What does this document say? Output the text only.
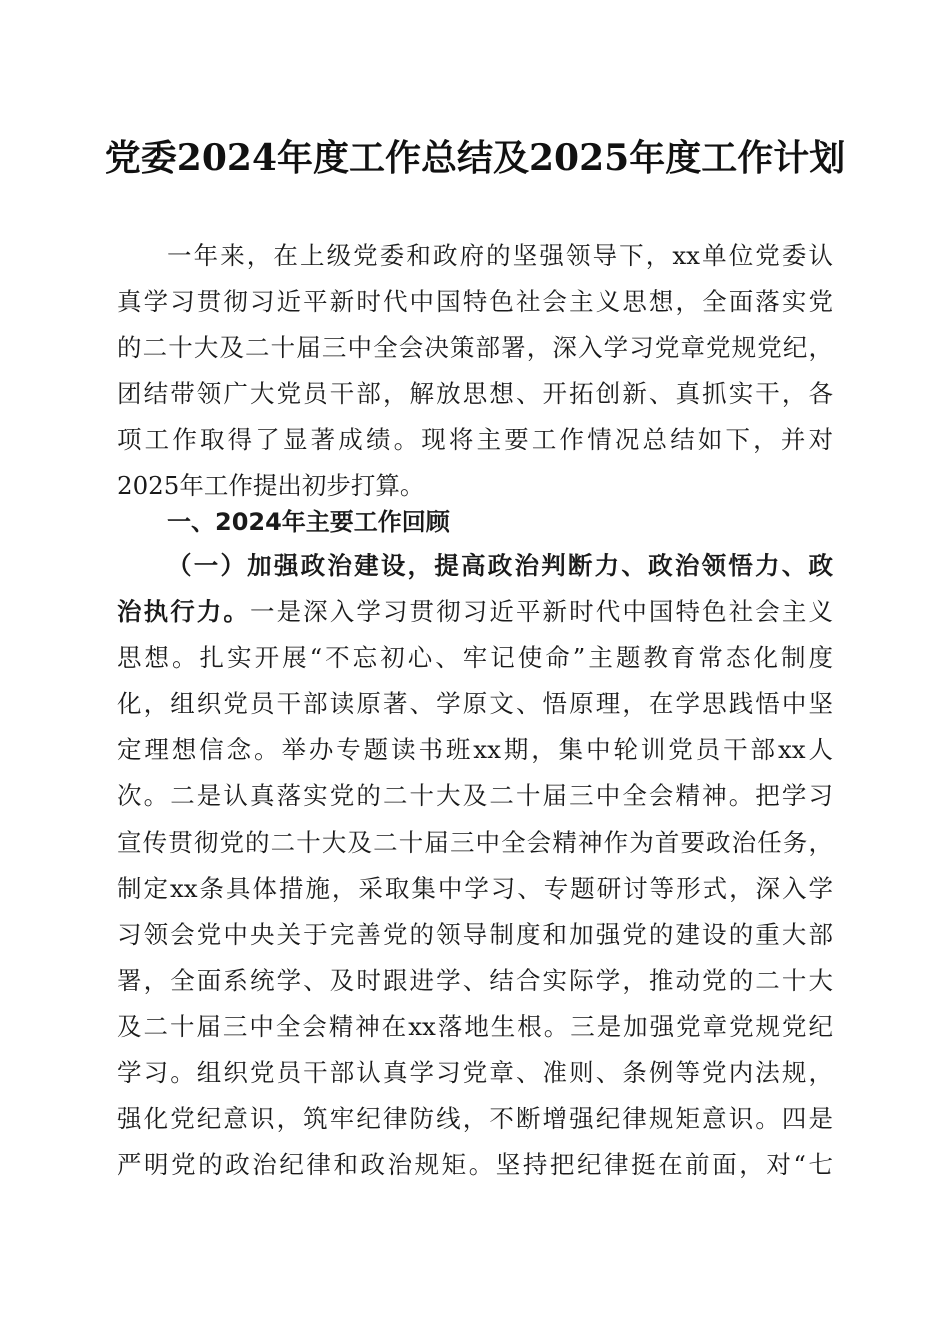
党委2024年度工作总结及2025年度工作计划

一年来，在上级党委和政府的坚强领导下，xx单位党委认
真学习贯彻习近平新时代中国特色社会主义思想，全面落实党
的二十大及二十届三中全会决策部署，深入学习党章党规党纪，
团结带领广大党员干部，解放思想、开拓创新、真抓实干，各
项工作取得了显著成绩。现将主要工作情况总结如下，并对
2025年工作提出初步打算。

一、2024年主要工作回顾

（一）加强政治建设，提高政治判断力、政治领悟力、政
治执行力。一是深入学习贯彻习近平新时代中国特色社会主义
思想。扎实开展“不忘初心、牢记使命”主题教育常态化制度
化，组织党员干部读原著、学原文、悟原理，在学思践悟中坚
定理想信念。举办专题读书班xx期，集中轮训党员干部xx人
次。二是认真落实党的二十大及二十届三中全会精神。把学习
宣传贯彻党的二十大及二十届三中全会精神作为首要政治任务，
制定xx条具体措施，采取集中学习、专题研讨等形式，深入学
习领会党中央关于完善党的领导制度和加强党的建设的重大部
署，全面系统学、及时跟进学、结合实际学，推动党的二十大
及二十届三中全会精神在xx落地生根。三是加强党章党规党纪
学习。组织党员干部认真学习党章、准则、条例等党内法规，
强化党纪意识，筑牢纪律防线，不断增强纪律规矩意识。四是
严明党的政治纪律和政治规矩。坚持把纪律挺在前面，对“七
